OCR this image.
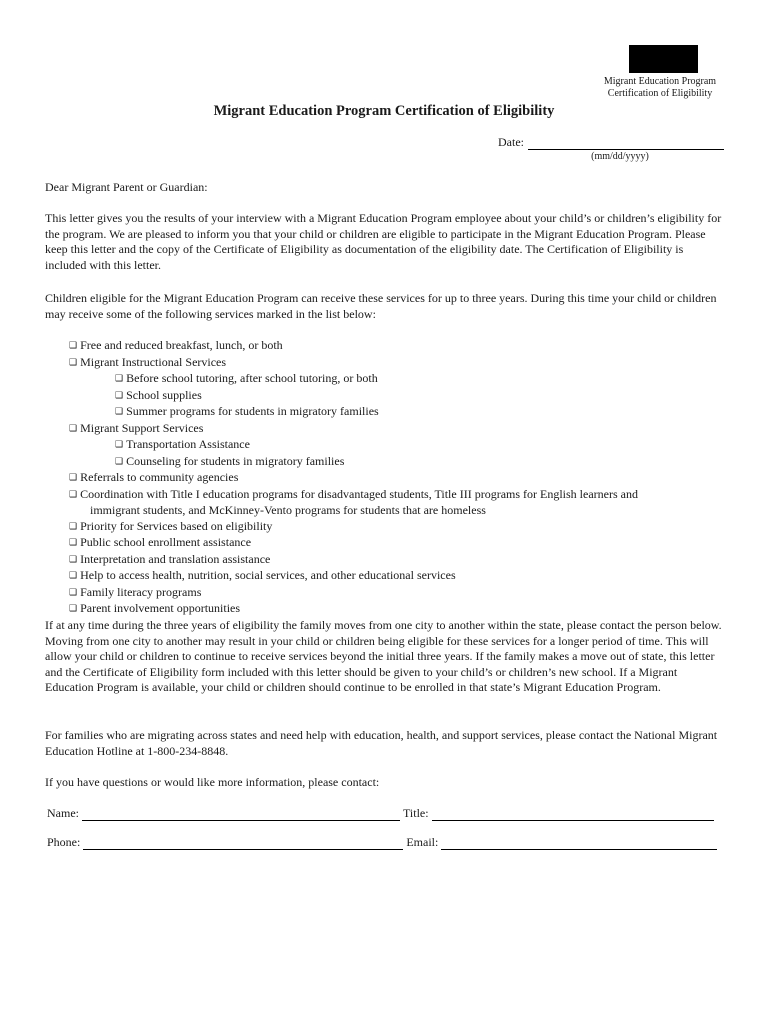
Migrant Education Program
Certification of Eligibility
Migrant Education Program Certification of Eligibility
Date:
(mm/dd/yyyy)
Dear Migrant Parent or Guardian:
This letter gives you the results of your interview with a Migrant Education Program employee about your child’s or children’s eligibility for the program. We are pleased to inform you that your child or children are eligible to participate in the Migrant Education Program. Please keep this letter and the copy of the Certificate of Eligibility as documentation of the eligibility date. The Certification of Eligibility is included with this letter.
Children eligible for the Migrant Education Program can receive these services for up to three years. During this time your child or children may receive some of the following services marked in the list below:
❑ Free and reduced breakfast, lunch, or both
❑ Migrant Instructional Services
❑ Before school tutoring, after school tutoring, or both
❑ School supplies
❑ Summer programs for students in migratory families
❑ Migrant Support Services
❑ Transportation Assistance
❑ Counseling for students in migratory families
❑ Referrals to community agencies
❑ Coordination with Title I education programs for disadvantaged students, Title III programs for English learners and
immigrant students, and McKinney-Vento programs for students that are homeless
❑ Priority for Services based on eligibility
❑ Public school enrollment assistance
❑ Interpretation and translation assistance
❑ Help to access health, nutrition, social services, and other educational services
❑ Family literacy programs
❑ Parent involvement opportunities
If at any time during the three years of eligibility the family moves from one city to another within the state, please contact the person below. Moving from one city to another may result in your child or children being eligible for these services for a longer period of time. This will allow your child or children to continue to receive services beyond the initial three years. If the family makes a move out of state, this letter and the Certificate of Eligibility form included with this letter should be given to your child’s or children’s new school. If a Migrant Education Program is available, your child or children should continue to be enrolled in that state’s Migrant Education Program.
For families who are migrating across states and need help with education, health, and support services, please contact the National Migrant Education Hotline at 1-800-234-8848.
If you have questions or would like more information, please contact:
Name:	Title:
Phone:	Email:
